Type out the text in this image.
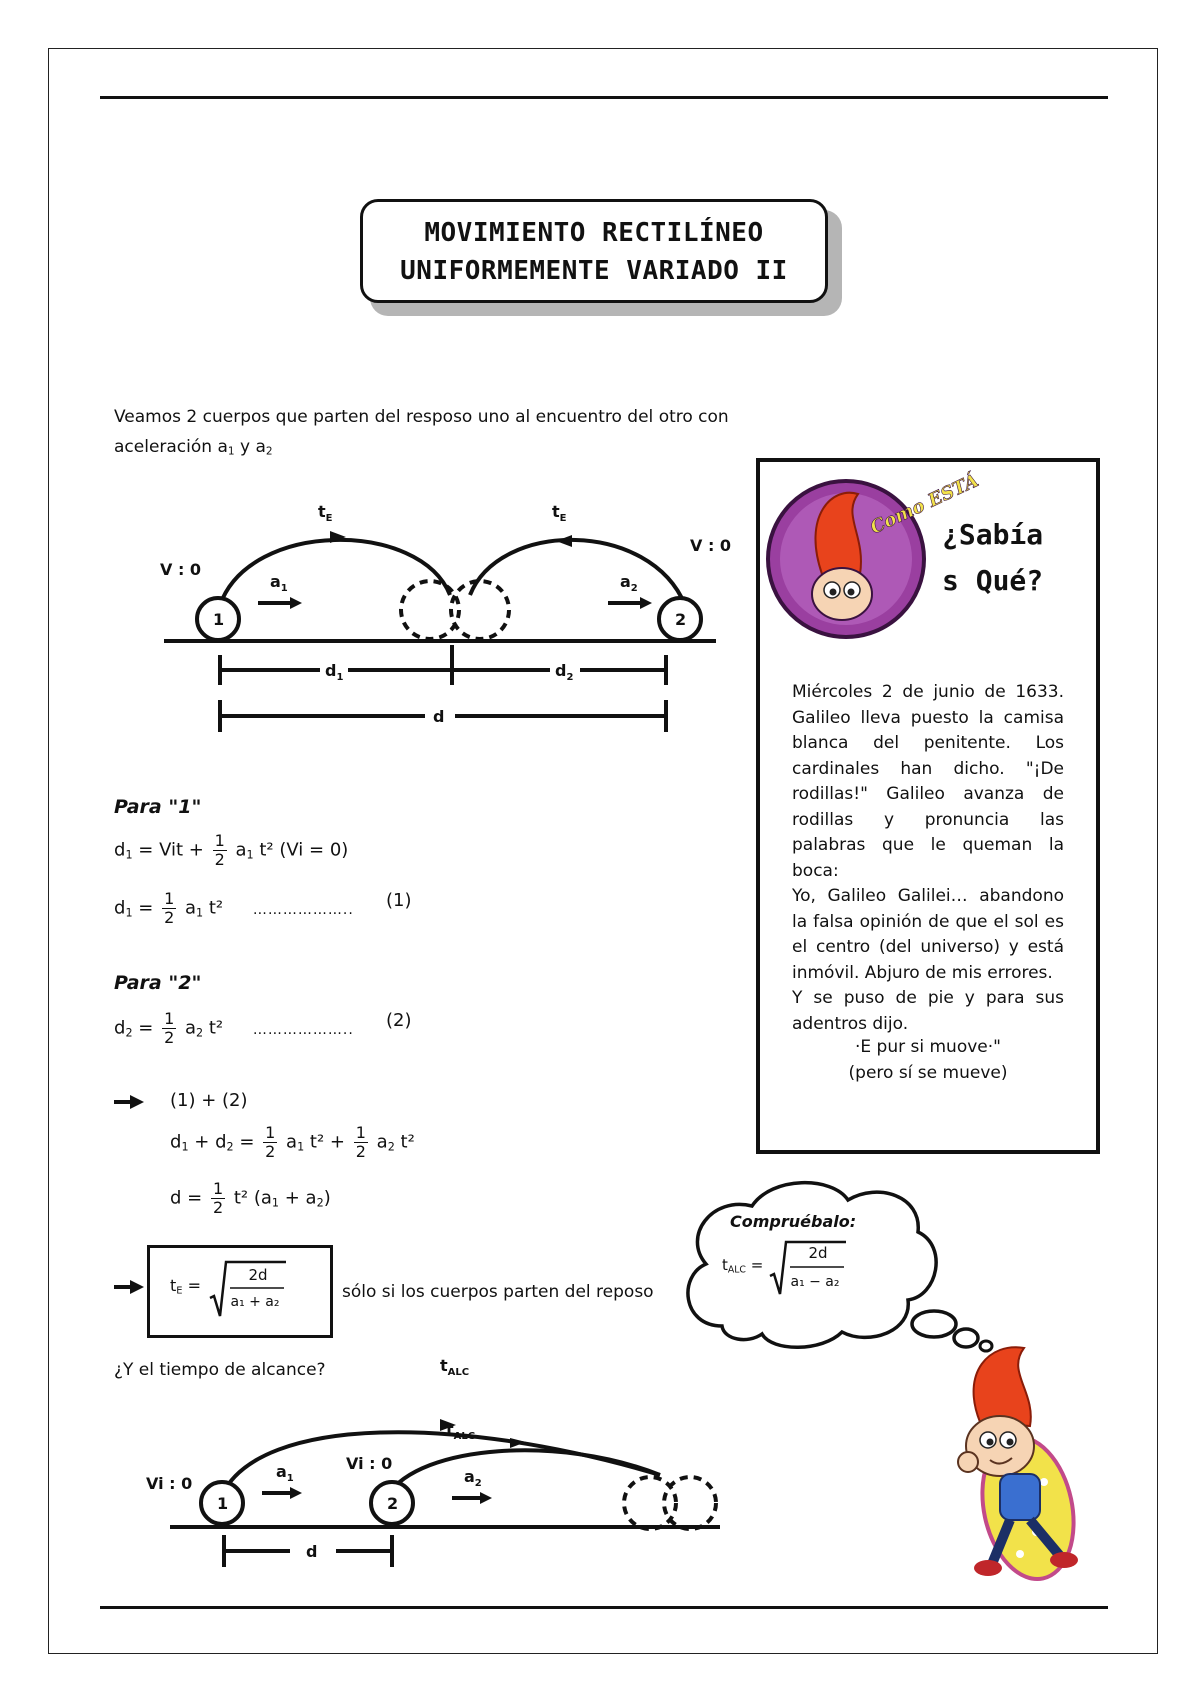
MOVIMIENTO RECTILÍNEO
UNIFORMEMENTE VARIADO II
Veamos 2 cuerpos que parten del resposo uno al encuentro del otro con
aceleración $a_1$ y $a_2$
V : 0
V : 0
$t_E$	$t_E$
$a_1$	$a_2$
1	2
$d_1$	$d_2$
d
Para "1"
$d_1$ = Vit + $\frac{1}{2} a_1$ t² (Vi = 0)
$d_1 = \frac{1}{2} a_1$ t² ……………….. (1)
Para "2"
$d_2 = \frac{1}{2} a_2$ t² ……………….. (2)
(1) + (2)
$d_1 + d_2 = \frac{1}{2} a_1$ $t^2 + \frac{1}{2} a_2$ t²
$d = \frac{1}{2} t^2$ $(a_1 + a_2)$
$t_E$ =
2d
a₁ + a₂	sólo si los cuerpos parten del reposo
¿Y el tiempo de alcance?	$t_{ALC}$
$t_{ALC}$
Vi : 0
Vi : 0
$a_1$	$a_2$
1	2
d
Como ESTÁ
¿Sabía
s Qué?
Miércoles 2 de junio de 1633. Galileo lleva puesto la camisa blanca del penitente. Los cardinales han dicho. "¡De rodillas!" Galileo avanza de rodillas y pronuncia las palabras que le queman la boca:
Yo, Galileo Galilei… abandono la falsa opinión de que el sol es el centro (del universo) y está inmóvil. Abjuro de mis errores.
Y se puso de pie y para sus adentros dijo.
·E pur si muove·"
(pero sí se mueve)
Compruébalo:
$t_{ALC}$ =
2d
a₁ − a₂
